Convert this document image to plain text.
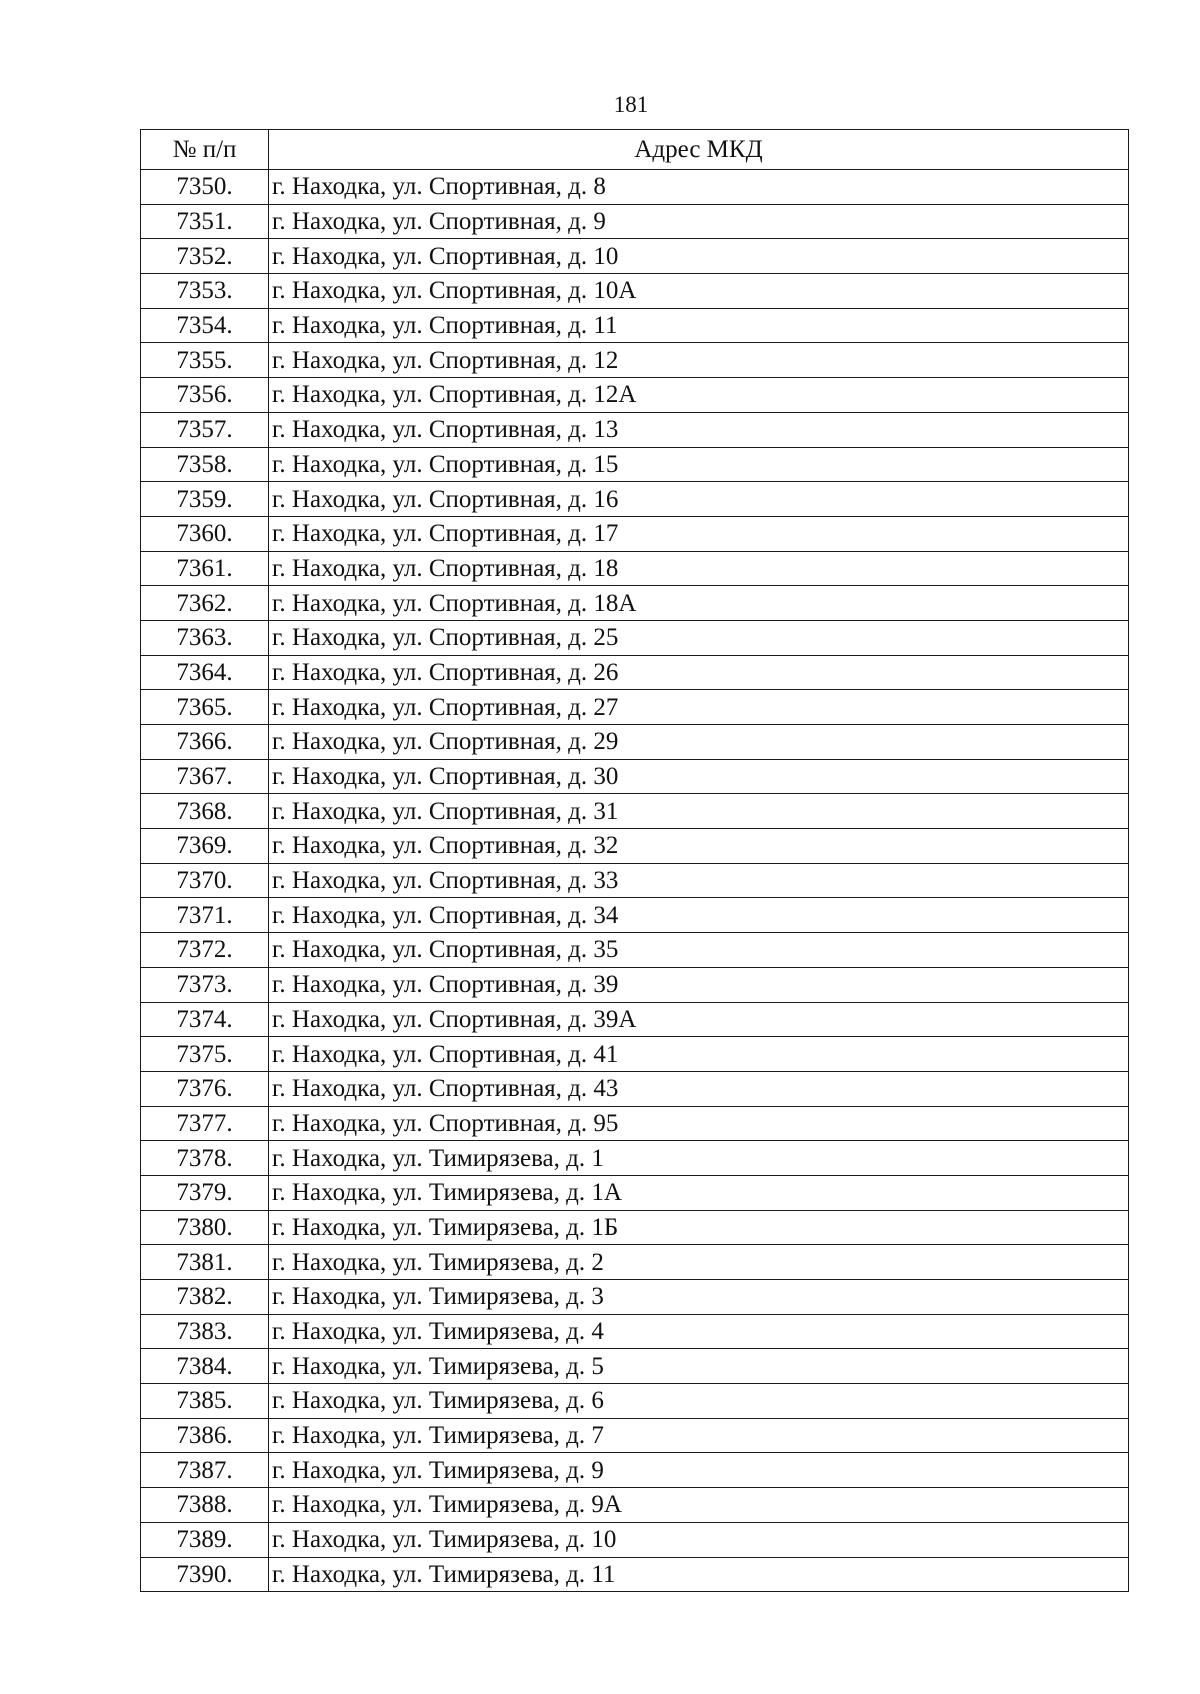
181
№ п/п	Адрес МКД
7350.	г. Находка, ул. Спортивная, д. 8
7351.	г. Находка, ул. Спортивная, д. 9
7352.	г. Находка, ул. Спортивная, д. 10
7353.	г. Находка, ул. Спортивная, д. 10А
7354.	г. Находка, ул. Спортивная, д. 11
7355.	г. Находка, ул. Спортивная, д. 12
7356.	г. Находка, ул. Спортивная, д. 12А
7357.	г. Находка, ул. Спортивная, д. 13
7358.	г. Находка, ул. Спортивная, д. 15
7359.	г. Находка, ул. Спортивная, д. 16
7360.	г. Находка, ул. Спортивная, д. 17
7361.	г. Находка, ул. Спортивная, д. 18
7362.	г. Находка, ул. Спортивная, д. 18А
7363.	г. Находка, ул. Спортивная, д. 25
7364.	г. Находка, ул. Спортивная, д. 26
7365.	г. Находка, ул. Спортивная, д. 27
7366.	г. Находка, ул. Спортивная, д. 29
7367.	г. Находка, ул. Спортивная, д. 30
7368.	г. Находка, ул. Спортивная, д. 31
7369.	г. Находка, ул. Спортивная, д. 32
7370.	г. Находка, ул. Спортивная, д. 33
7371.	г. Находка, ул. Спортивная, д. 34
7372.	г. Находка, ул. Спортивная, д. 35
7373.	г. Находка, ул. Спортивная, д. 39
7374.	г. Находка, ул. Спортивная, д. 39А
7375.	г. Находка, ул. Спортивная, д. 41
7376.	г. Находка, ул. Спортивная, д. 43
7377.	г. Находка, ул. Спортивная, д. 95
7378.	г. Находка, ул. Тимирязева, д. 1
7379.	г. Находка, ул. Тимирязева, д. 1А
7380.	г. Находка, ул. Тимирязева, д. 1Б
7381.	г. Находка, ул. Тимирязева, д. 2
7382.	г. Находка, ул. Тимирязева, д. 3
7383.	г. Находка, ул. Тимирязева, д. 4
7384.	г. Находка, ул. Тимирязева, д. 5
7385.	г. Находка, ул. Тимирязева, д. 6
7386.	г. Находка, ул. Тимирязева, д. 7
7387.	г. Находка, ул. Тимирязева, д. 9
7388.	г. Находка, ул. Тимирязева, д. 9А
7389.	г. Находка, ул. Тимирязева, д. 10
7390.	г. Находка, ул. Тимирязева, д. 11
